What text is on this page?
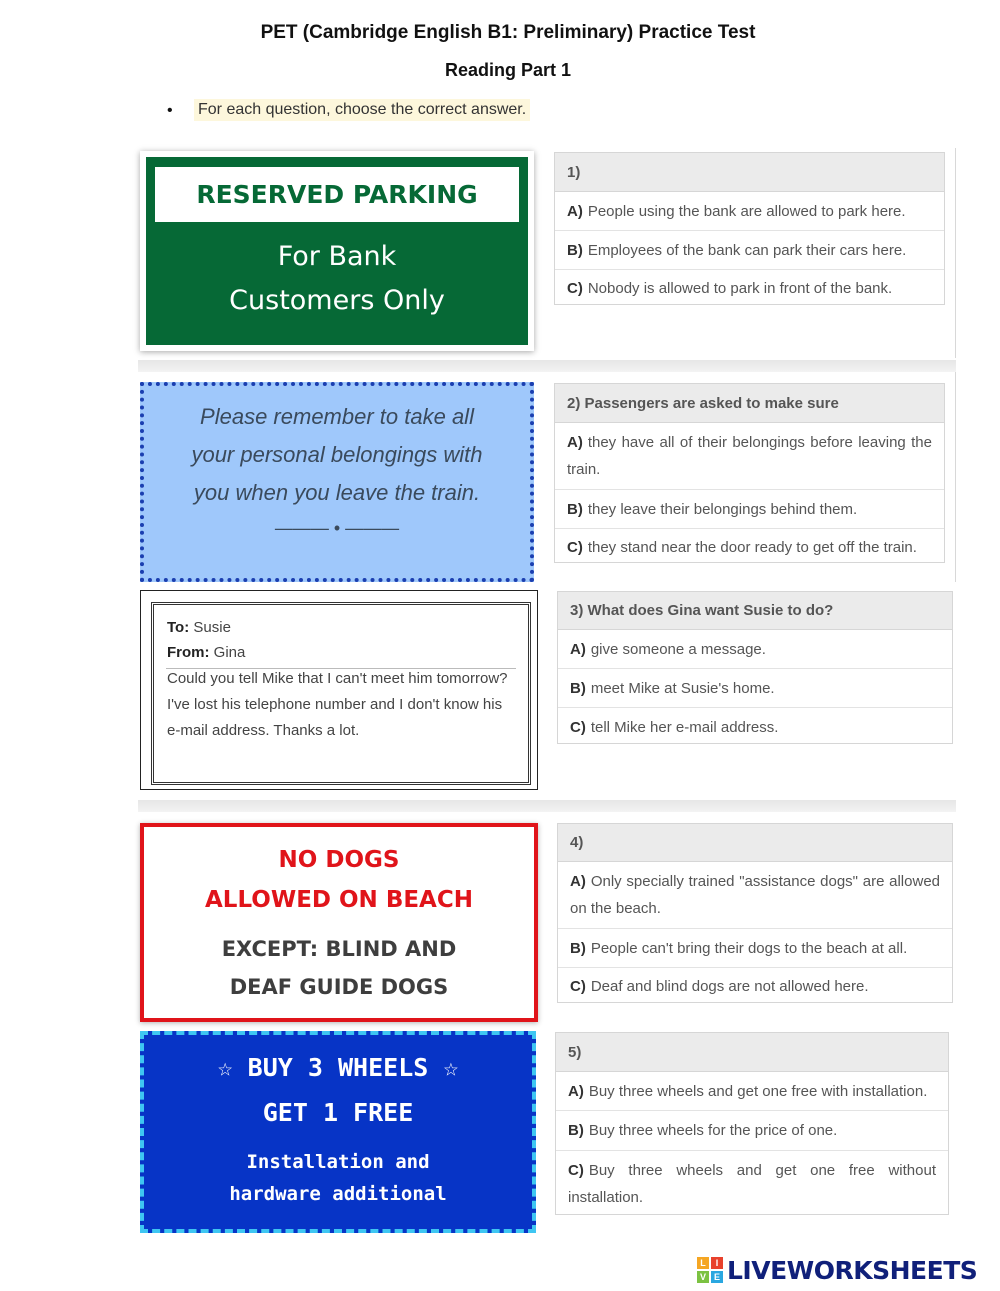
PET (Cambridge English B1: Preliminary) Practice Test
Reading Part 1
• For each question, choose the correct answer.
RESERVED PARKING
For Bank
Customers Only
1)
A) People using the bank are allowed to park here.
B) Employees of the bank can park their cars here.
C) Nobody is allowed to park in front of the bank.
Please remember to take all
your personal belongings with
you when you leave the train.
——— • ———
2) Passengers are asked to make sure
A) they have all of their belongings before leaving the train.
B) they leave their belongings behind them.
C) they stand near the door ready to get off the train.
To: Susie
From: Gina
Could you tell Mike that I can't meet him tomorrow?
I've lost his telephone number and I don't know his
e-mail address. Thanks a lot.
3) What does Gina want Susie to do?
A) give someone a message.
B) meet Mike at Susie's home.
C) tell Mike her e-mail address.
NO DOGS
ALLOWED ON BEACH
EXCEPT: BLIND AND
DEAF GUIDE DOGS
4)
A) Only specially trained "assistance dogs" are allowed on the beach.
B) People can't bring their dogs to the beach at all.
C) Deaf and blind dogs are not allowed here.
☆ BUY 3 WHEELS ☆
GET 1 FREE
Installation and
hardware additional
5)
A) Buy three wheels and get one free with installation.
B) Buy three wheels for the price of one.
C) Buy three wheels and get one free without installation.
L	I
V E LIVEWORKSHEETS
